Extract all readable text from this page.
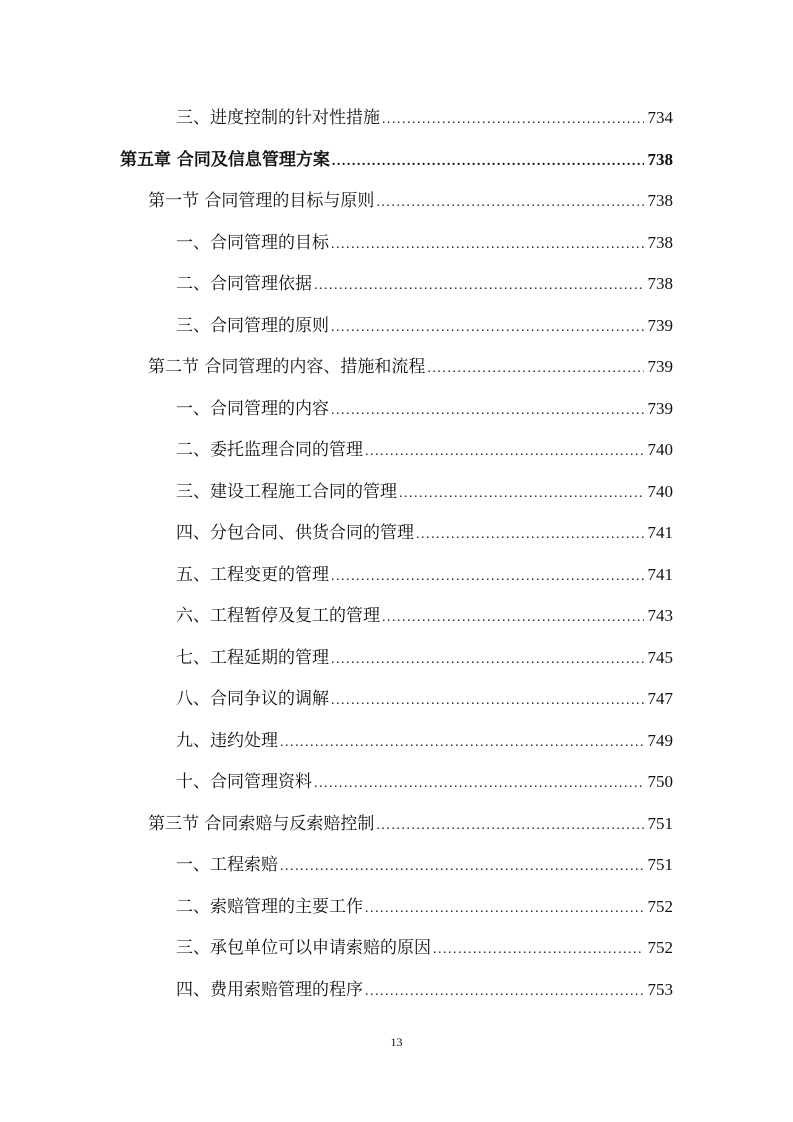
三、进度控制的针对性措施 . . .	734
第五章 合同及信息管理方案 . . .	738
第一节 合同管理的目标与原则 . . .	738
一、合同管理的目标 . . .	738
二、合同管理依据 . . .	738
三、合同管理的原则 . . .	739
第二节 合同管理的内容、措施和流程 . . .	739
一、合同管理的内容 . . .	739
二、委托监理合同的管理 . . .	740
三、建设工程施工合同的管理 . . .	740
四、分包合同、供货合同的管理 . . .	741
五、工程变更的管理 . . .	741
六、工程暂停及复工的管理 . . .	743
七、工程延期的管理 . . .	745
八、合同争议的调解 . . .	747
九、违约处理 . . .	749
十、合同管理资料 . . .	750
第三节 合同索赔与反索赔控制 . . .	751
一、工程索赔 . . .	751
二、索赔管理的主要工作 . . .	752
三、承包单位可以申请索赔的原因 . . .	752
四、费用索赔管理的程序 . . .	753
13
